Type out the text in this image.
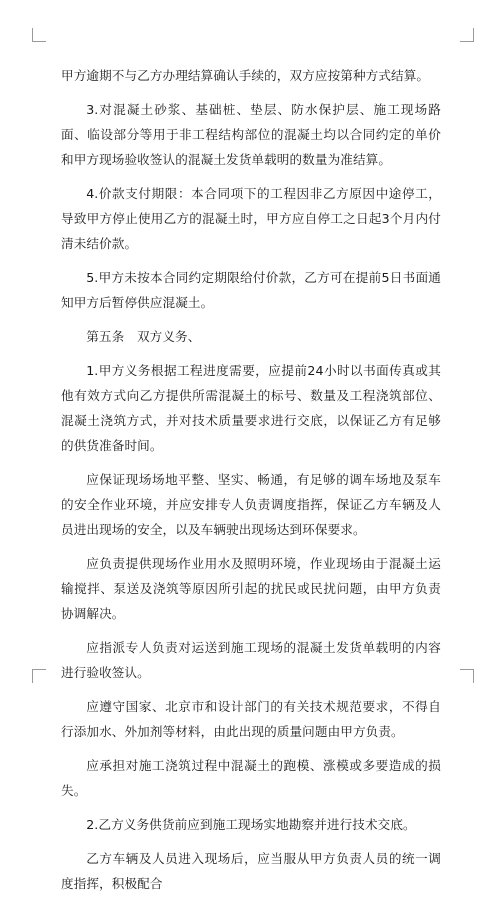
甲方逾期不与乙方办理结算确认手续的，双方应按第种方式结算。

3.对混凝土砂浆、基础桩、垫层、防水保护层、施工现场路面、临设部分等用于非工程结构部位的混凝土均以合同约定的单价和甲方现场验收签认的混凝土发货单载明的数量为准结算。

4.价款支付期限：本合同项下的工程因非乙方原因中途停工，导致甲方停止使用乙方的混凝土时，甲方应自停工之日起3个月内付清未结价款。

5.甲方未按本合同约定期限给付价款，乙方可在提前5日书面通知甲方后暂停供应混凝土。

第五条　双方义务、

1.甲方义务根据工程进度需要，应提前24小时以书面传真或其他有效方式向乙方提供所需混凝土的标号、数量及工程浇筑部位、混凝土浇筑方式，并对技术质量要求进行交底，以保证乙方有足够的供货准备时间。

应保证现场场地平整、坚实、畅通，有足够的调车场地及泵车的安全作业环境，并应安排专人负责调度指挥，保证乙方车辆及人员进出现场的安全，以及车辆驶出现场达到环保要求。

应负责提供现场作业用水及照明环境，作业现场由于混凝土运输搅拌、泵送及浇筑等原因所引起的扰民或民扰问题，由甲方负责协调解决。

应指派专人负责对运送到施工现场的混凝土发货单载明的内容进行验收签认。

应遵守国家、北京市和设计部门的有关技术规范要求，不得自行添加水、外加剂等材料，由此出现的质量问题由甲方负责。

应承担对施工浇筑过程中混凝土的跑模、涨模或多要造成的损失。

2.乙方义务供货前应到施工现场实地勘察并进行技术交底。

乙方车辆及人员进入现场后，应当服从甲方负责人员的统一调度指挥，积极配合
